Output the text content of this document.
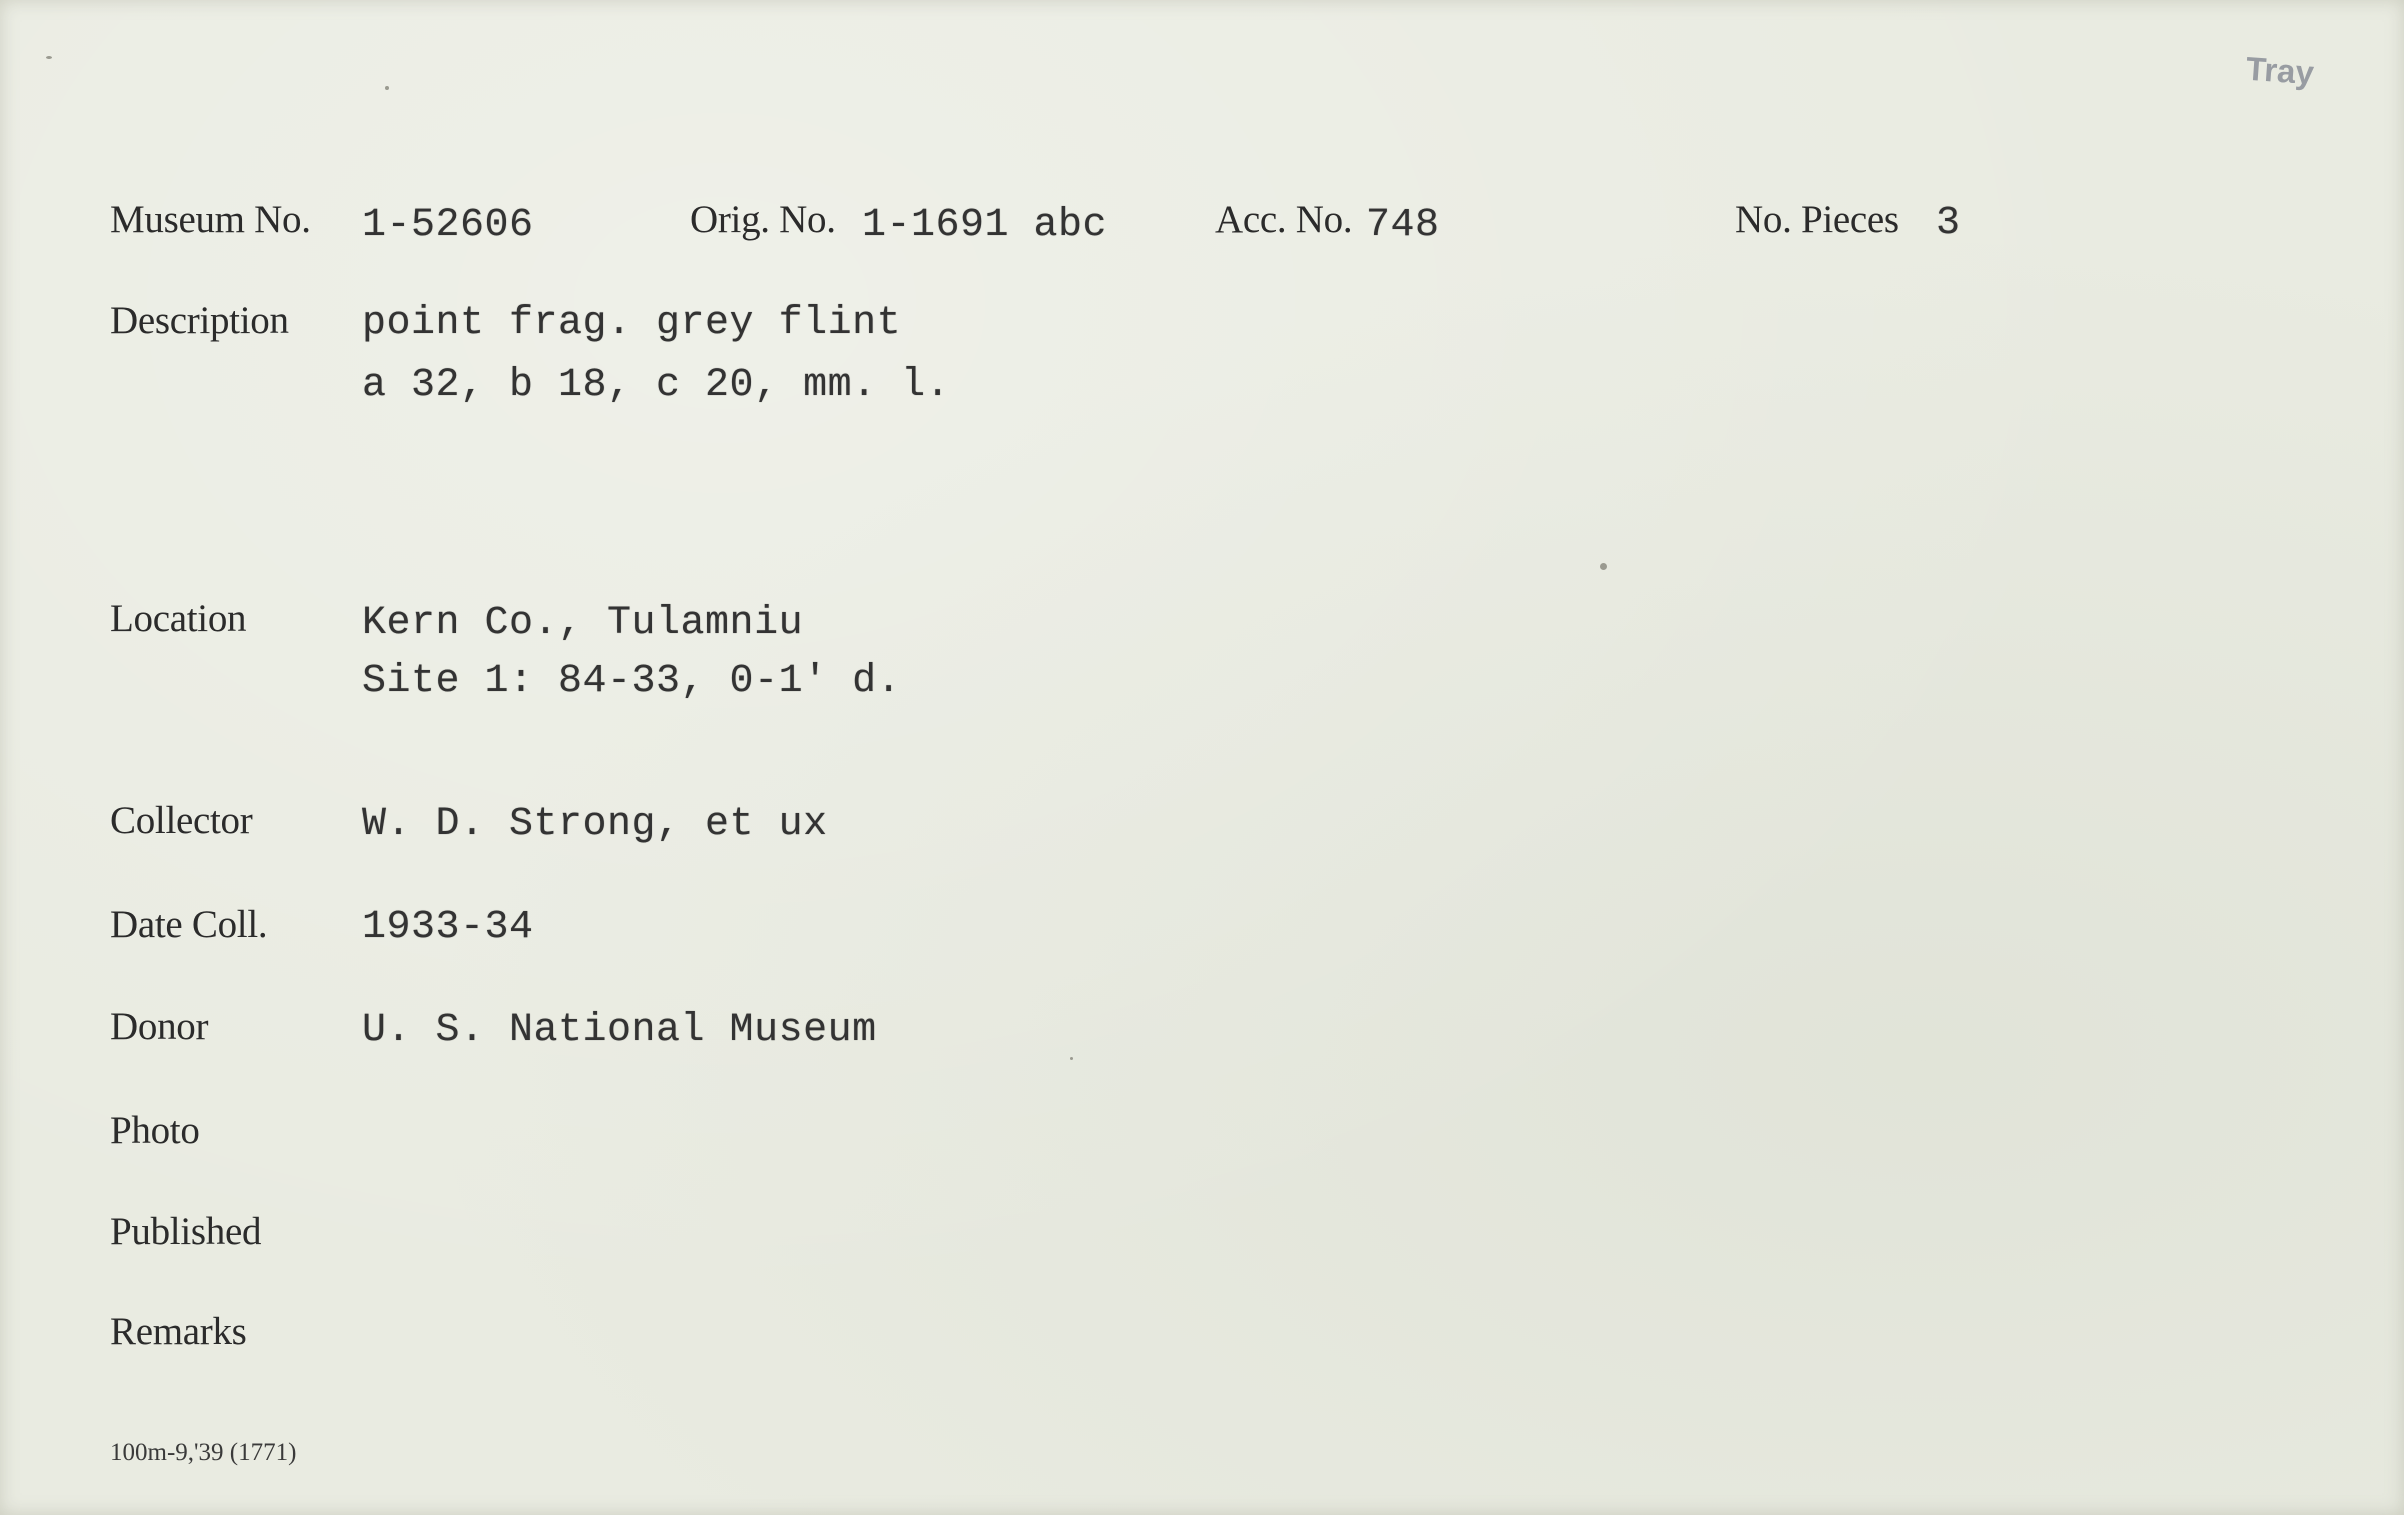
Tray
Museum No. 1-52606	Orig. No. 1-1691 abc	Acc. No. 748	No. Pieces 3
Description point frag. grey flint
a 32, b 18, c 20, mm. l.
Location	Kern Co., Tulamniu
Site 1: 84-33, 0-1' d.
Collector	W. D. Strong, et ux
Date Coll. 1933-34
Donor	U. S. National Museum
Photo
Published
Remarks
100m-9,'39 (1771)
